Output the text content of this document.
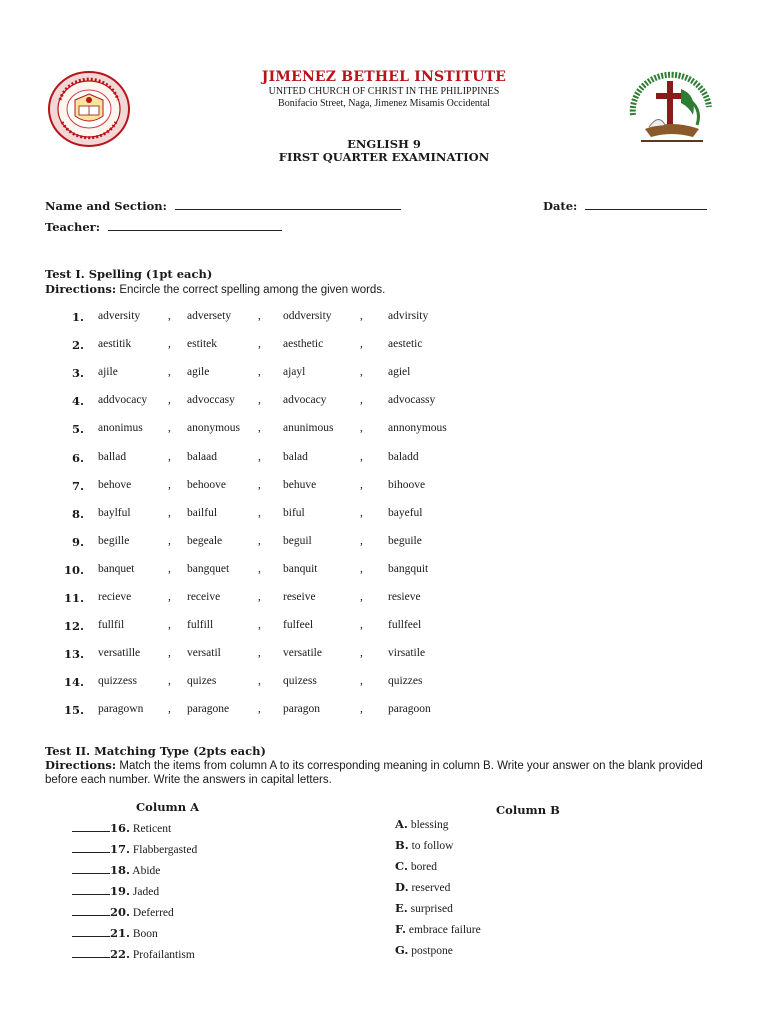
JIMENEZ BETHEL INSTITUTE
UNITED CHURCH OF CHRIST IN THE PHILIPPINES
Bonifacio Street, Naga, Jimenez Misamis Occidental
ENGLISH 9
FIRST QUARTER EXAMINATION
Name and Section:	Date:
Teacher:
Test I. Spelling (1pt each)
Directions: Encircle the correct spelling among the given words.
1. adversity , adversety , oddversity , advirsity
2. aestitik	, estitek	, aesthetic	, aestetic
3. ajile	, agile	, ajayl	, agiel
4. addvocacy , advoccasy , advocacy	, advocassy
5. anonimus , anonymous , anunimous , annonymous
6. ballad	, balaad	, balad	, baladd
7. behove	, behoove	, behuve	, bihoove
8. baylful	, bailful	, biful	, bayeful
9. begille	, begeale	, beguil	, beguile
10. banquet	, bangquet	, banquit	, bangquit
11. recieve	, receive	, reseive	, resieve
12. fullfil	, fulfill	, fulfeel	, fullfeel
13. versatille , versatil	, versatile	, virsatile
14. quizzess	, quizes	, quizess	, quizzes
15. paragown , paragone	, paragon	, paragoon
Test II. Matching Type (2pts each)
Directions: Match the items from column A to its corresponding meaning in column B. Write your answer on the blank provided before each number. Write the answers in capital letters.
Column A	Column B
16. Reticent
17. Flabbergasted
18. Abide
19. Jaded
20. Deferred
21. Boon
22. Profailantism
A. blessing
B. to follow
C. bored
D. reserved
E. surprised
F. embrace failure
G. postpone
